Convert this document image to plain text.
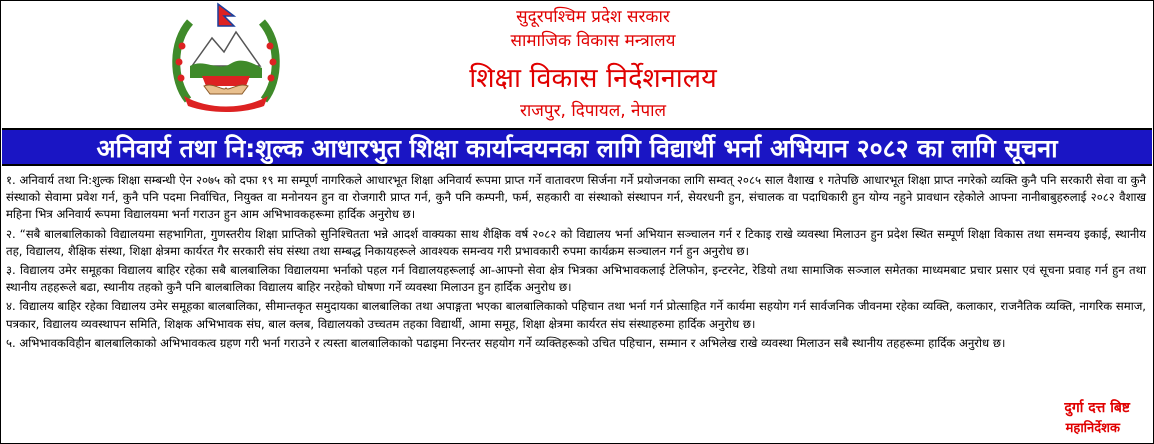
सुदूरपश्चिम प्रदेश सरकार
सामाजिक विकास मन्त्रालय
शिक्षा विकास निर्देशनालय
राजपुर, दिपायल, नेपाल
अनिवार्य तथा नि:शुल्क आधारभुत शिक्षा कार्यान्वयनका लागि विद्यार्थी भर्ना अभियान २०८२ का लागि सूचना

१. अनिवार्य तथा नि:शुल्क शिक्षा सम्बन्धी ऐन २०७५ को दफा १९ मा सम्पूर्ण नागरिकले आधारभूत शिक्षा अनिवार्य रूपमा प्राप्त गर्ने वातावरण सिर्जना गर्ने प्रयोजनका लागि सम्वत् २०८५ साल वैशाख १ गतेपछि आधारभूत शिक्षा प्राप्त नगरेको व्यक्ति कुनै पनि सरकारी सेवा वा कुनै संस्थाको सेवामा प्रवेश गर्न, कुनै पनि पदमा निर्वाचित, नियुक्त वा मनोनयन हुन वा रोजगारी प्राप्त गर्न, कुनै पनि कम्पनी, फर्म, सहकारी वा संस्थाको संस्थापन गर्न, सेयरधनी हुन, संचालक वा पदाधिकारी हुन योग्य नहुने प्रावधान रहेकोले आफ्ना नानीबाबुहरुलाई २०८२ वैशाख महिना भित्र अनिवार्य रूपमा विद्यालयमा भर्ना गराउन हुन आम अभिभावकहरूमा हार्दिक अनुरोध छ।

२. “सबै बालबालिकाको विद्यालयमा सहभागिता, गुणस्तरीय शिक्षा प्राप्तिको सुनिश्चितता भन्ने आदर्श वाक्यका साथ शैक्षिक वर्ष २०८२ को विद्यालय भर्ना अभियान सञ्चालन गर्न र टिकाइ राखे व्यवस्था मिलाउन हुन प्रदेश स्थित सम्पूर्ण शिक्षा विकास तथा समन्वय इकाई, स्थानीय तह, विद्यालय, शैक्षिक संस्था, शिक्षा क्षेत्रमा कार्यरत गैर सरकारी संघ संस्था तथा सम्बद्ध निकायहरूले आवश्यक समन्वय गरी प्रभावकारी रुपमा कार्यक्रम सञ्चालन गर्न हुन अनुरोध छ।

३. विद्यालय उमेर समूहका विद्यालय बाहिर रहेका सबै बालबालिका विद्यालयमा भर्नाको पहल गर्न विद्यालयहरूलाई आ-आफ्नो सेवा क्षेत्र भित्रका अभिभावकलाई टेलिफोन, इन्टरनेट, रेडियो तथा सामाजिक सञ्जाल समेतका माध्यमबाट प्रचार प्रसार एवं सूचना प्रवाह गर्न हुन तथा स्थानीय तहहरूले बढा, स्थानीय तहको कुनै पनि बालबालिका विद्यालय बाहिर नरहेको घोषणा गर्ने व्यवस्था मिलाउन हुन हार्दिक अनुरोध छ।

४. विद्यालय बाहिर रहेका विद्यालय उमेर समूहका बालबालिका, सीमान्तकृत समुदायका बालबालिका तथा अपाङ्गता भएका बालबालिकाको पहिचान तथा भर्ना गर्न प्रोत्साहित गर्ने कार्यमा सहयोग गर्न सार्वजनिक जीवनमा रहेका व्यक्ति, कलाकार, राजनैतिक व्यक्ति, नागरिक समाज, पत्रकार, विद्यालय व्यवस्थापन समिति, शिक्षक अभिभावक संघ, बाल क्लब, विद्यालयको उच्चतम तहका विद्यार्थी, आमा समूह, शिक्षा क्षेत्रमा कार्यरत संघ संस्थाहरुमा हार्दिक अनुरोध छ।

५. अभिभावकविहीन बालबालिकाको अभिभावकत्व ग्रहण गरी भर्ना गराउने र त्यस्ता बालबालिकाको पढाइमा निरन्तर सहयोग गर्ने व्यक्तिहरूको उचित पहिचान, सम्मान र अभिलेख राखे व्यवस्था मिलाउन सबै स्थानीय तहहरूमा हार्दिक अनुरोध छ।

दुर्गा दत्त बिष्ट
महानिर्देशक
